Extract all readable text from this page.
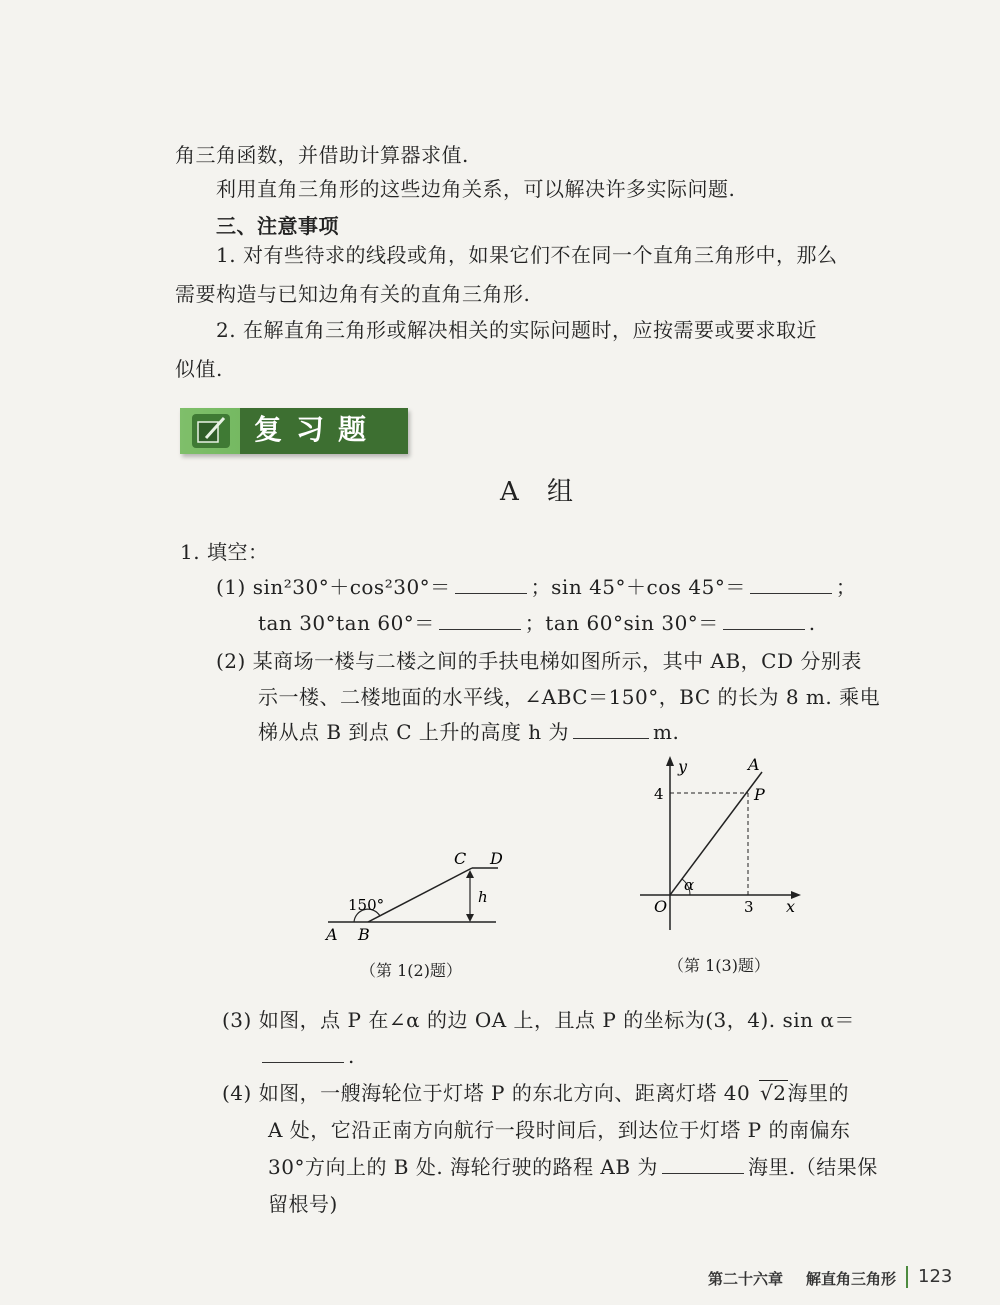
角三角函数，并借助计算器求值.
利用直角三角形的这些边角关系，可以解决许多实际问题.
三、注意事项
1. 对有些待求的线段或角，如果它们不在同一个直角三角形中，那么
需要构造与已知边角有关的直角三角形.
2. 在解直角三角形或解决相关的实际问题时，应按需要或要求取近
似值.
复习题
A 组
1. 填空：
(1) sin²30°＋cos²30°＝	；sin 45°＋cos 45°＝	；
tan 30°tan 60°＝	；tan 60°sin 30°＝	.
(2) 某商场一楼与二楼之间的手扶电梯如图所示，其中 AB，CD 分别表
示一楼、二楼地面的水平线，∠ABC＝150°，BC 的长为 8 m. 乘电
梯从点 B 到点 C 上升的高度 h 为	m.
A B
C D
h
150°
（第 1(2)题）
y
x
O
A
P
α
4
3
（第 1(3)题）
(3) 如图，点 P 在∠α 的边 OA 上，且点 P 的坐标为(3，4). sin α＝
.
(4) 如图，一艘海轮位于灯塔 P 的东北方向、距离灯塔 40 √2海里的
A 处，它沿正南方向航行一段时间后，到达位于灯塔 P 的南偏东
30°方向上的 B 处. 海轮行驶的路程 AB 为	海里.（结果保
留根号)
第二十六章 解直角三角形 123
